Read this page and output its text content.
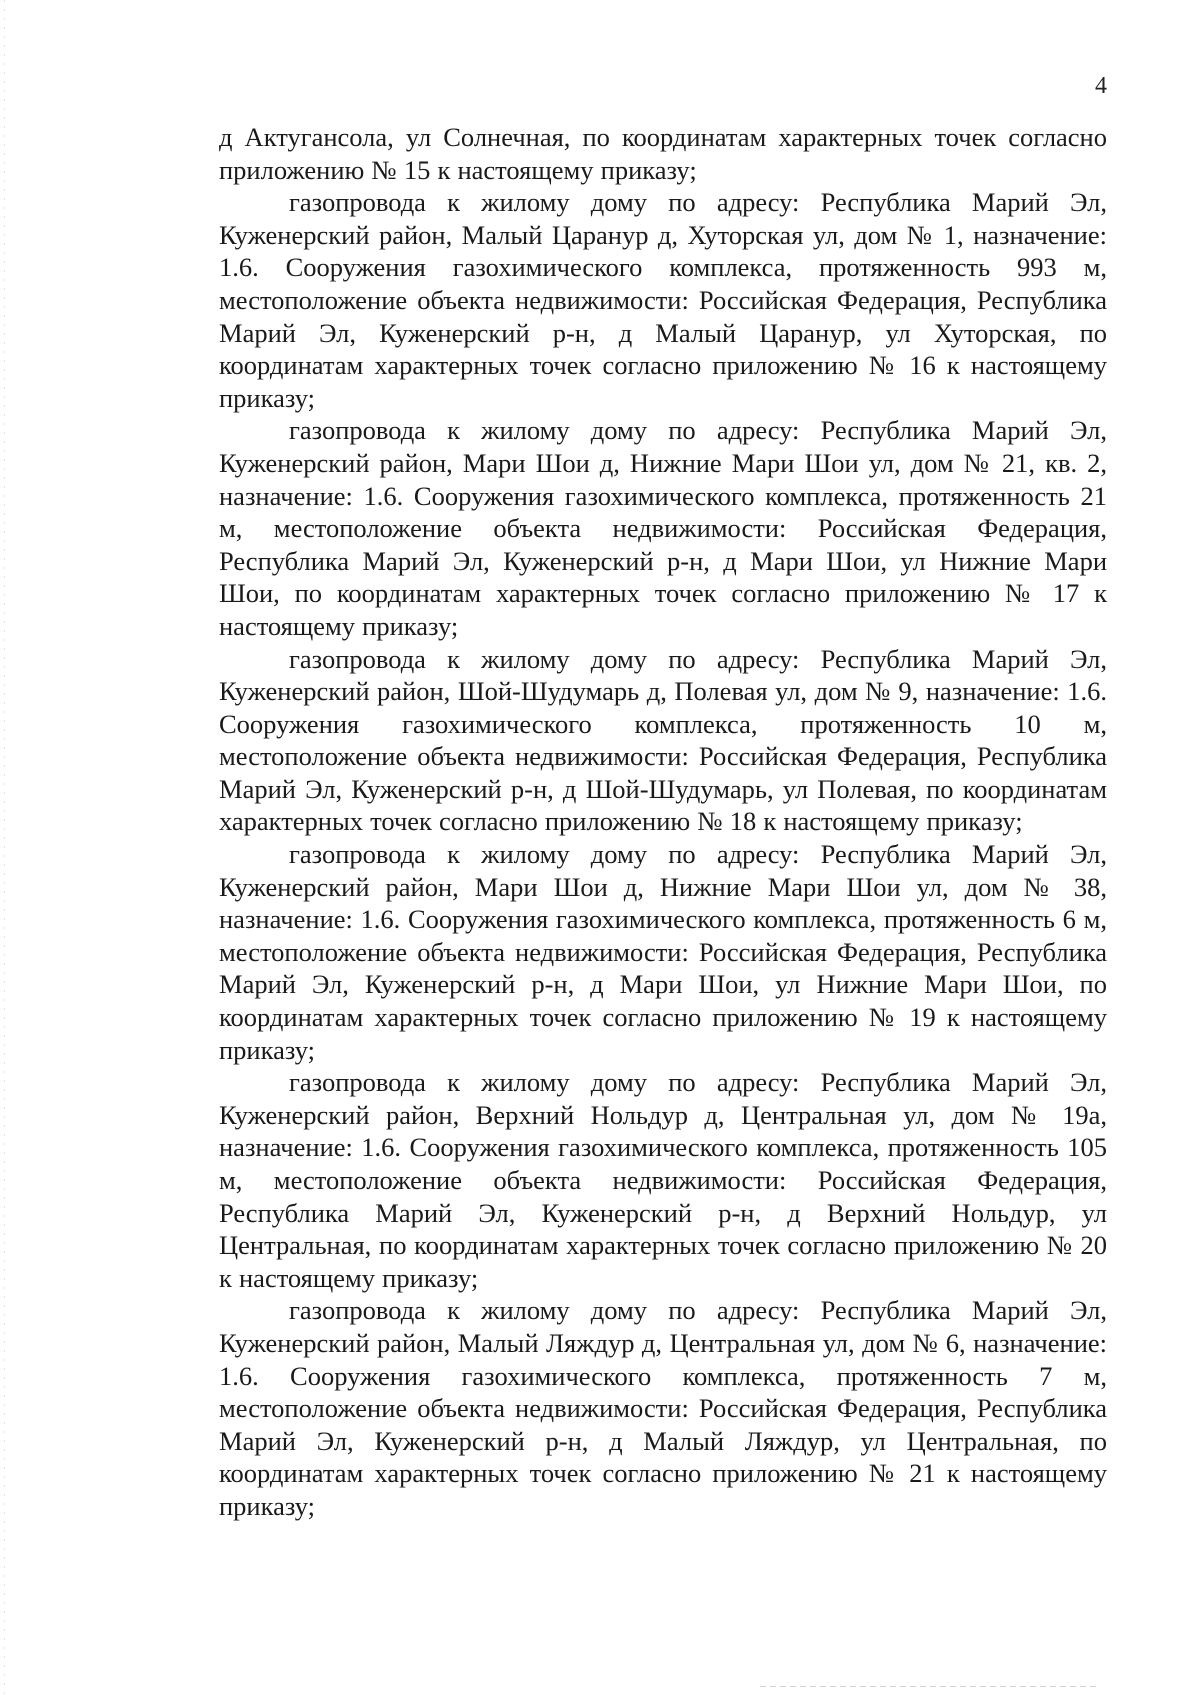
4

д Актугансола, ул Солнечная, по координатам характерных точек согласно приложению № 15 к настоящему приказу;

газопровода к жилому дому по адресу: Республика Марий Эл, Куженерский район, Малый Царанур д, Хуторская ул, дом № 1, назначение: 1.6. Сооружения газохимического комплекса, протяженность 993 м, местоположение объекта недвижимости: Российская Федерация, Республика Марий Эл, Куженерский р-н, д Малый Царанур, ул Хуторская, по координатам характерных точек согласно приложению № 16 к настоящему приказу;

газопровода к жилому дому по адресу: Республика Марий Эл, Куженерский район, Мари Шои д, Нижние Мари Шои ул, дом № 21, кв. 2, назначение: 1.6. Сооружения газохимического комплекса, протяженность 21 м, местоположение объекта недвижимости: Российская Федерация, Республика Марий Эл, Куженерский р-н, д Мари Шои, ул Нижние Мари Шои, по координатам характерных точек согласно приложению № 17 к настоящему приказу;

газопровода к жилому дому по адресу: Республика Марий Эл, Куженерский район, Шой-Шудумарь д, Полевая ул, дом № 9, назначение: 1.6. Сооружения газохимического комплекса, протяженность 10 м, местоположение объекта недвижимости: Российская Федерация, Республика Марий Эл, Куженерский р-н, д Шой-Шудумарь, ул Полевая, по координатам характерных точек согласно приложению № 18 к настоящему приказу;

газопровода к жилому дому по адресу: Республика Марий Эл, Куженерский район, Мари Шои д, Нижние Мари Шои ул, дом № 38, назначение: 1.6. Сооружения газохимического комплекса, протяженность 6 м, местоположение объекта недвижимости: Российская Федерация, Республика Марий Эл, Куженерский р-н, д Мари Шои, ул Нижние Мари Шои, по координатам характерных точек согласно приложению № 19 к настоящему приказу;

газопровода к жилому дому по адресу: Республика Марий Эл, Куженерский район, Верхний Нольдур д, Центральная ул, дом № 19а, назначение: 1.6. Сооружения газохимического комплекса, протяженность 105 м, местоположение объекта недвижимости: Российская Федерация, Республика Марий Эл, Куженерский р-н, д Верхний Нольдур, ул Центральная, по координатам характерных точек согласно приложению № 20 к настоящему приказу;

газопровода к жилому дому по адресу: Республика Марий Эл, Куженерский район, Малый Ляждур д, Центральная ул, дом № 6, назначение: 1.6. Сооружения газохимического комплекса, протяженность 7 м, местоположение объекта недвижимости: Российская Федерация, Республика Марий Эл, Куженерский р-н, д Малый Ляждур, ул Центральная, по координатам характерных точек согласно приложению № 21 к настоящему приказу;
